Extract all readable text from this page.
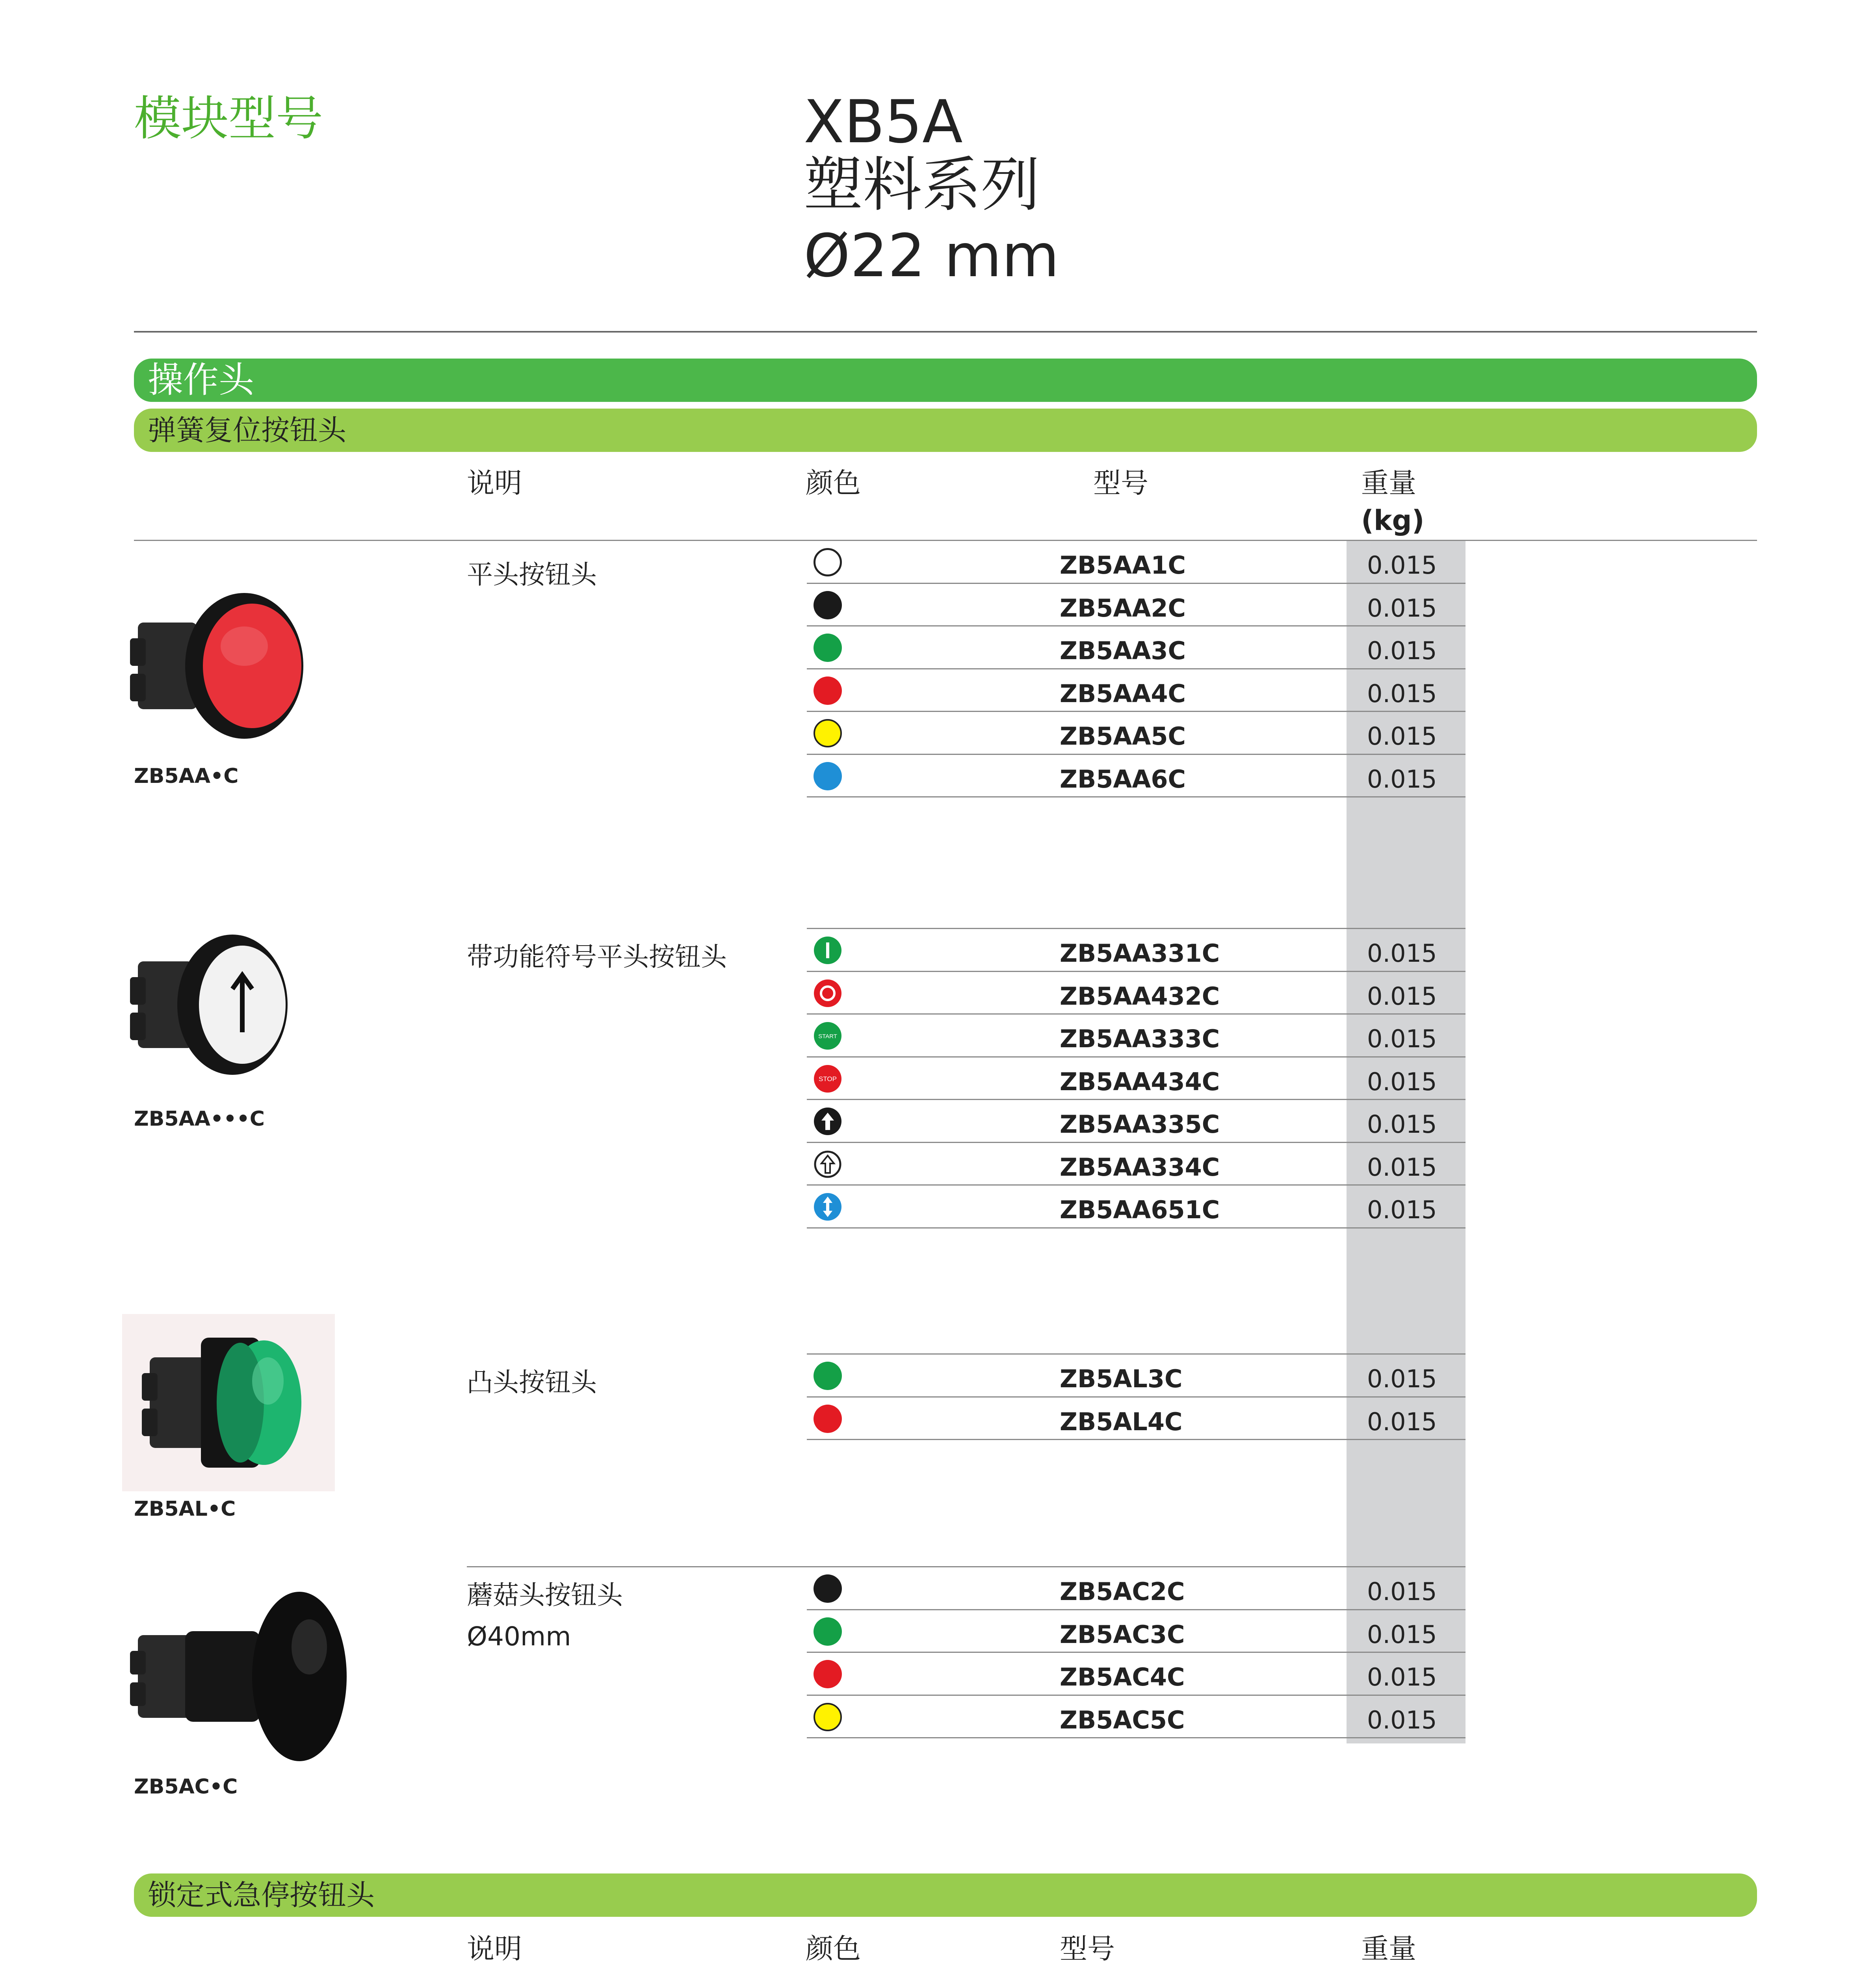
模块型号	XB5A
塑料系列
Ø22 mm
操作头
弹簧复位按钮头
说明	颜色	型号	重量
(kg)
ZB5AA•C
平头按钮头	ZB5AA1C	0.015
ZB5AA2C	0.015
ZB5AA3C	0.015
ZB5AA4C	0.015
ZB5AA5C	0.015
ZB5AA6C	0.015
ZB5AA•••C
带功能符号平头按钮头	ZB5AA331C	0.015
ZB5AA432C	0.015
START	ZB5AA333C	0.015
STOP	ZB5AA434C	0.015
ZB5AA335C	0.015
ZB5AA334C	0.015
ZB5AA651C	0.015
ZB5AL•C
凸头按钮头	ZB5AL3C	0.015
ZB5AL4C	0.015
ZB5AC•C
蘑菇头按钮头
Ø40mm
ZB5AC2C	0.015
ZB5AC3C	0.015
ZB5AC4C	0.015
ZB5AC5C	0.015
锁定式急停按钮头
说明	颜色	型号	重量
